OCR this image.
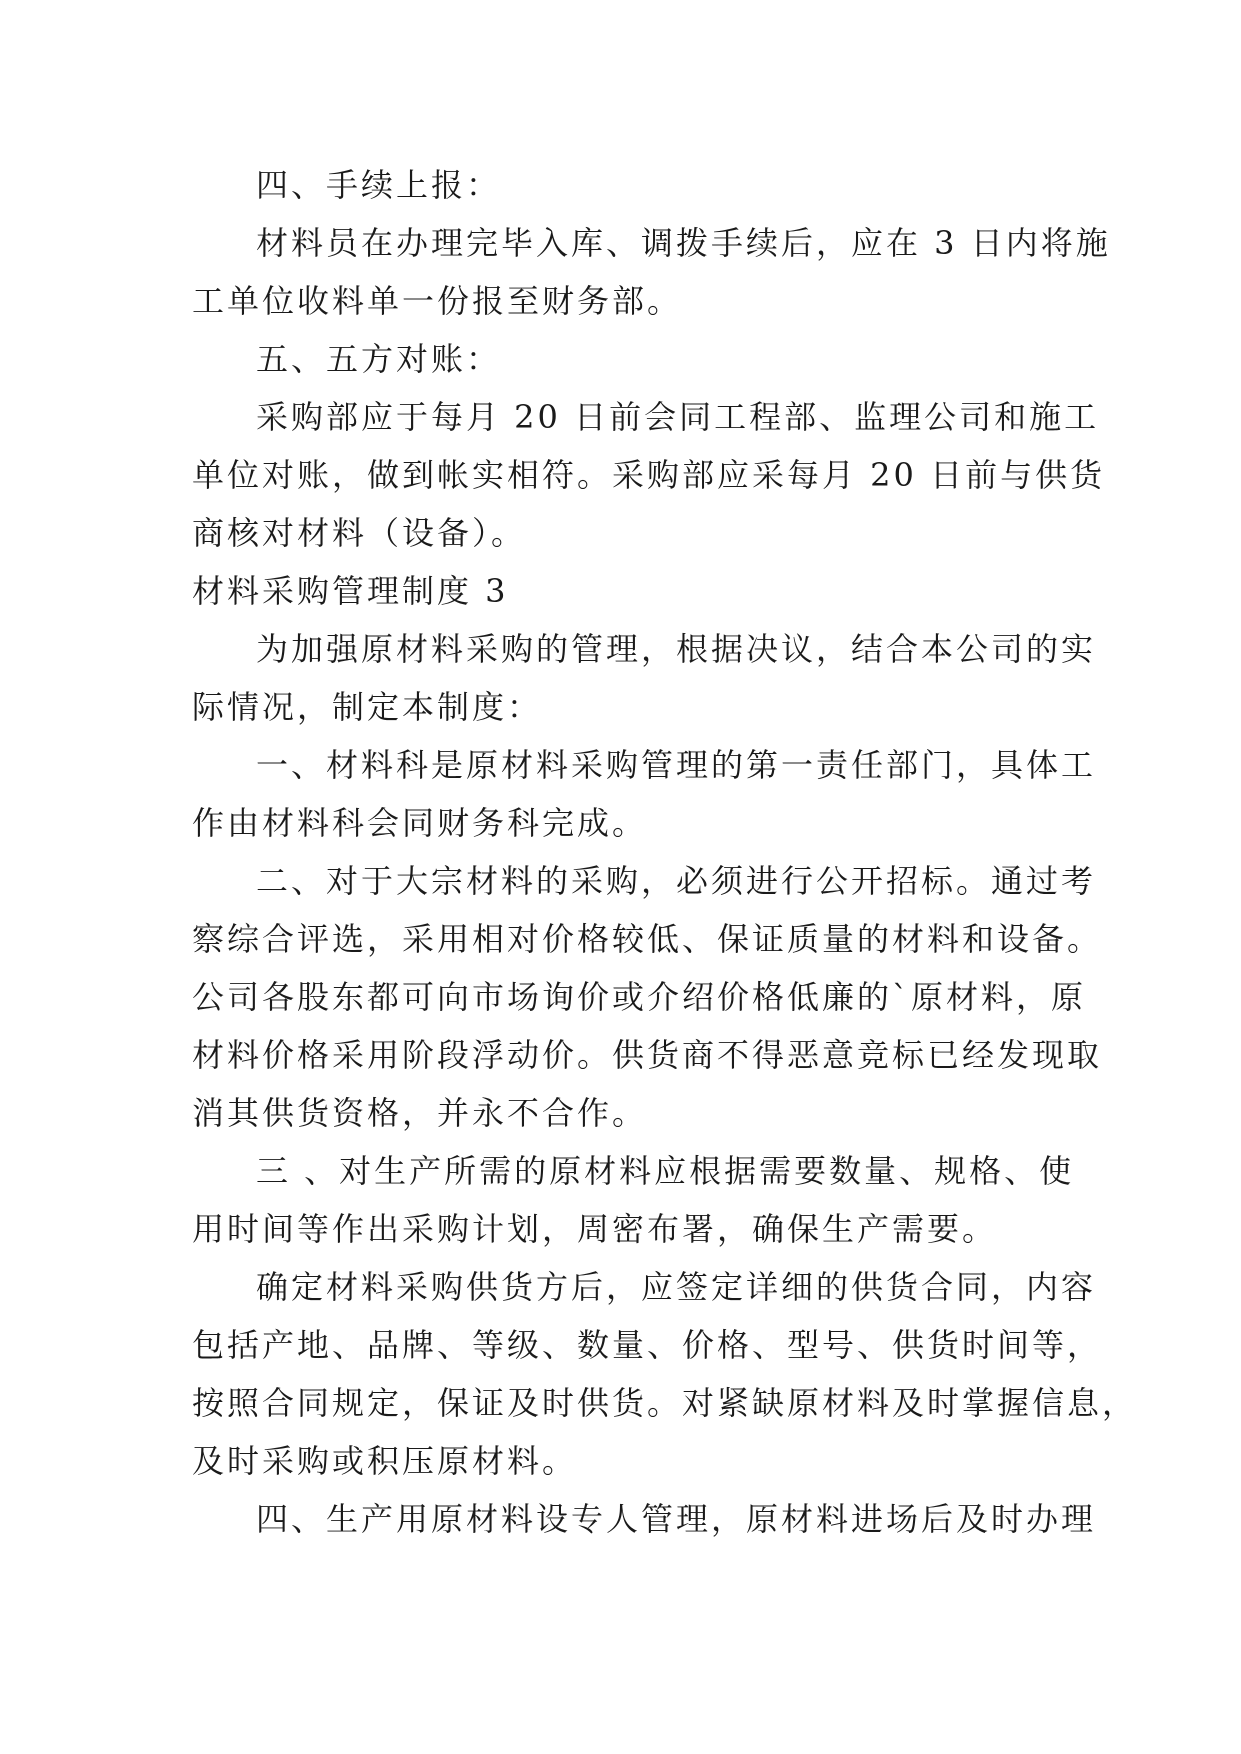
四、手续上报：
材料员在办理完毕入库、调拨手续后，应在 3 日内将施
工单位收料单一份报至财务部。
五、五方对账：
采购部应于每月 20 日前会同工程部、监理公司和施工
单位对账，做到帐实相符。采购部应采每月 20 日前与供货
商核对材料（设备）。
材料采购管理制度 3
为加强原材料采购的管理，根据决议，结合本公司的实
际情况，制定本制度：
一、材料科是原材料采购管理的第一责任部门，具体工
作由材料科会同财务科完成。
二、对于大宗材料的采购，必须进行公开招标。通过考
察综合评选，采用相对价格较低、保证质量的材料和设备。
公司各股东都可向市场询价或介绍价格低廉的`原材料，原
材料价格采用阶段浮动价。供货商不得恶意竞标已经发现取
消其供货资格，并永不合作。
三 、对生产所需的原材料应根据需要数量、规格、使
用时间等作出采购计划，周密布署，确保生产需要。
确定材料采购供货方后，应签定详细的供货合同，内容
包括产地、品牌、等级、数量、价格、型号、供货时间等，
按照合同规定，保证及时供货。对紧缺原材料及时掌握信息，
及时采购或积压原材料。
四、生产用原材料设专人管理，原材料进场后及时办理
